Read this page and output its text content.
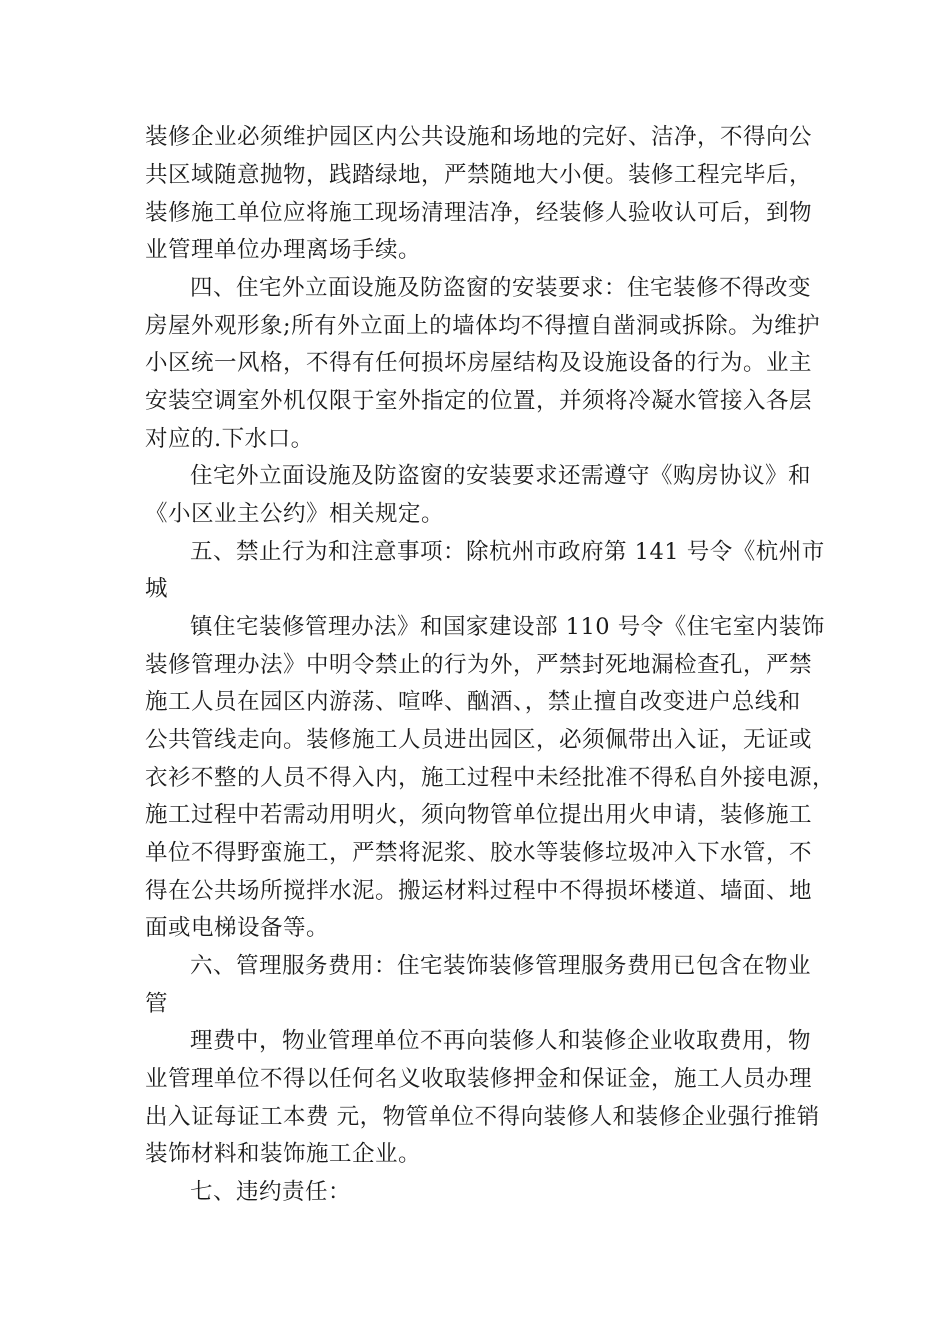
装修企业必须维护园区内公共设施和场地的完好、洁净，不得向公
共区域随意抛物，践踏绿地，严禁随地大小便。装修工程完毕后，
装修施工单位应将施工现场清理洁净，经装修人验收认可后，到物
业管理单位办理离场手续。
四、住宅外立面设施及防盗窗的安装要求：住宅装修不得改变
房屋外观形象;所有外立面上的墙体均不得擅自凿洞或拆除。为维护
小区统一风格，不得有任何损坏房屋结构及设施设备的行为。业主
安装空调室外机仅限于室外指定的位置，并须将冷凝水管接入各层
对应的.下水口。
住宅外立面设施及防盗窗的安装要求还需遵守《购房协议》和
《小区业主公约》相关规定。
五、禁止行为和注意事项：除杭州市政府第 141 号令《杭州市
城
镇住宅装修管理办法》和国家建设部 110 号令《住宅室内装饰
装修管理办法》中明令禁止的行为外，严禁封死地漏检查孔，严禁
施工人员在园区内游荡、喧哗、酗酒、，禁止擅自改变进户总线和
公共管线走向。装修施工人员进出园区，必须佩带出入证，无证或
衣衫不整的人员不得入内，施工过程中未经批准不得私自外接电源，
施工过程中若需动用明火，须向物管单位提出用火申请，装修施工
单位不得野蛮施工，严禁将泥浆、胶水等装修垃圾冲入下水管，不
得在公共场所搅拌水泥。搬运材料过程中不得损坏楼道、墙面、地
面或电梯设备等。
六、管理服务费用：住宅装饰装修管理服务费用已包含在物业
管
理费中，物业管理单位不再向装修人和装修企业收取费用，物
业管理单位不得以任何名义收取装修押金和保证金，施工人员办理
出入证每证工本费 元，物管单位不得向装修人和装修企业强行推销
装饰材料和装饰施工企业。
七、违约责任：
